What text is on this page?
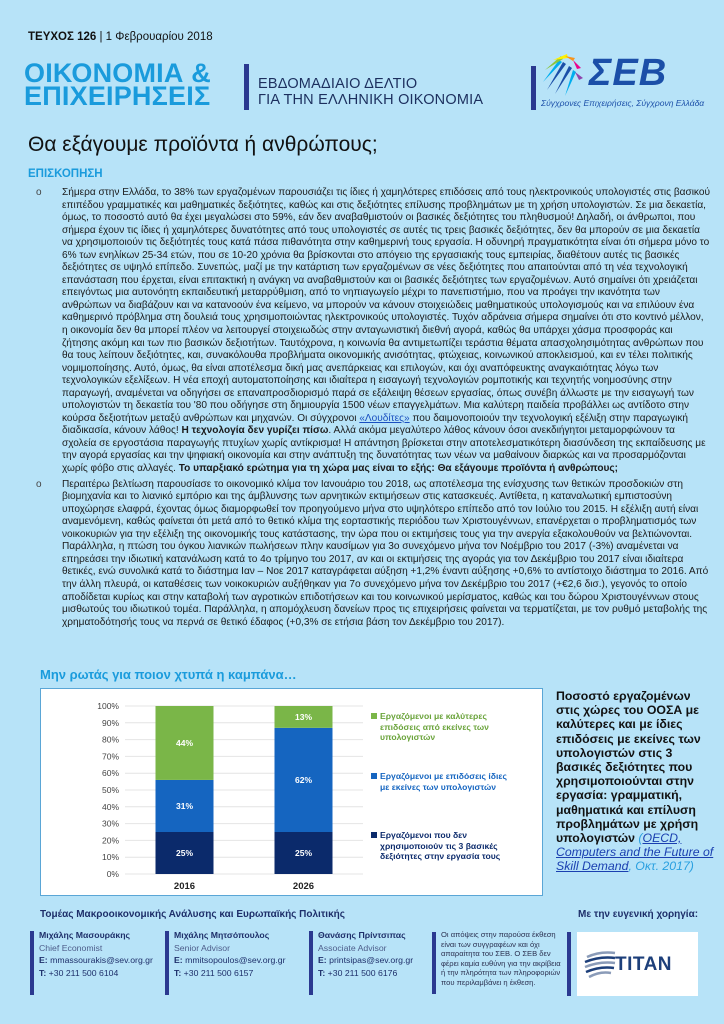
ΤΕΥΧΟΣ 126 | 1 Φεβρουαρίου 2018
ΟΙΚΟΝΟΜΙΑ &
ΕΠΙΧΕΙΡΗΣΕΙΣ	ΕΒΔΟΜΑΔΙΑΙΟ ΔΕΛΤΙΟ
ΓΙΑ ΤΗΝ ΕΛΛΗΝΙΚΗ ΟΙΚΟΝΟΜΙΑ
ΣΕΒ
Σύγχρονες Επιχειρήσεις, Σύγχρονη Ελλάδα
Θα εξάγουμε προϊόντα ή ανθρώπους;
ΕΠΙΣΚΟΠΗΣΗ
o Σήμερα στην Ελλάδα, το 38% των εργαζομένων παρουσιάζει τις ίδιες ή χαμηλότερες επιδόσεις από τους ηλεκτρονικούς υπολογιστές στις βασικού επιπέδου γραμματικές και μαθηματικές δεξιότητες, καθώς και στις δεξιότητες επίλυσης προβλημάτων με τη χρήση υπολογιστών. Σε μια δεκαετία, όμως, το ποσοστό αυτό θα έχει μεγαλώσει στο 59%, εάν δεν αναβαθμιστούν οι βασικές δεξιότητες του πληθυσμού! Δηλαδή, οι άνθρωποι, που σήμερα έχουν τις ίδιες ή χαμηλότερες δυνατότητες από τους υπολογιστές σε αυτές τις τρεις βασικές δεξιότητες, δεν θα μπορούν σε μια δεκαετία να χρησιμοποιούν τις δεξιότητές τους κατά πάσα πιθανότητα στην καθημερινή τους εργασία. Η οδυνηρή πραγματικότητα είναι ότι σήμερα μόνο το 6% των ενηλίκων 25-34 ετών, που σε 10-20 χρόνια θα βρίσκονται στο απόγειο της εργασιακής τους εμπειρίας, διαθέτουν αυτές τις βασικές δεξιότητες σε υψηλό επίπεδο. Συνεπώς, μαζί με την κατάρτιση των εργαζομένων σε νέες δεξιότητες που απαιτούνται από τη νέα τεχνολογική επανάσταση που έρχεται, είναι επιτακτική η ανάγκη να αναβαθμιστούν και οι βασικές δεξιότητες των εργαζομένων. Αυτό σημαίνει ότι χρειάζεται επειγόντως μια αυτονόητη εκπαιδευτική μεταρρύθμιση, από το νηπιαγωγείο μέχρι το πανεπιστήμιο, που να προάγει την ικανότητα των ανθρώπων να διαβάζουν και να κατανοούν ένα κείμενο, να μπορούν να κάνουν στοιχειώδεις μαθηματικούς υπολογισμούς και να επιλύουν ένα καθημερινό πρόβλημα στη δουλειά τους χρησιμοποιώντας ηλεκτρονικούς υπολογιστές. Τυχόν αδράνεια σήμερα σημαίνει ότι στο κοντινό μέλλον, η οικονομία δεν θα μπορεί πλέον να λειτουργεί στοιχειωδώς στην ανταγωνιστική διεθνή αγορά, καθώς θα υπάρχει χάσμα προσφοράς και ζήτησης ακόμη και των πιο βασικών δεξιοτήτων. Ταυτόχρονα, η κοινωνία θα αντιμετωπίζει τεράστια θέματα απασχολησιμότητας ανθρώπων που θα τους λείπουν δεξιότητες, και, συνακόλουθα προβλήματα οικονομικής ανισότητας, φτώχειας, κοινωνικού αποκλεισμού, και εν τέλει πολιτικής νομιμοποίησης. Αυτό, όμως, θα είναι αποτέλεσμα δική μας ανεπάρκειας και επιλογών, και όχι αναπόφευκτης αναγκαιότητας λόγω των τεχνολογικών εξελίξεων. Η νέα εποχή αυτοματοποίησης και ιδιαίτερα η εισαγωγή τεχνολογιών ρομποτικής και τεχνητής νοημοσύνης στην παραγωγή, αναμένεται να οδηγήσει σε επαναπροσδιορισμό παρά σε εξάλειψη θέσεων εργασίας, όπως συνέβη άλλωστε με την εισαγωγή των υπολογιστών τη δεκαετία του '80 που οδήγησε στη δημιουργία 1500 νέων επαγγελμάτων. Μια καλύτερη παιδεία προβάλλει ως αντίδοτο στην κούρσα δεξιοτήτων μεταξύ ανθρώπων και μηχανών. Οι σύγχρονοι «Λουδίτες» που δαιμονοποιούν την τεχνολογική εξέλιξη στην παραγωγική διαδικασία, κάνουν λάθος! Η τεχνολογία δεν γυρίζει πίσω. Αλλά ακόμα μεγαλύτερο λάθος κάνουν όσοι ανεκδιήγητοι μεταμορφώνουν τα σχολεία σε εργοστάσια παραγωγής πτυχίων χωρίς αντίκρισμα! Η απάντηση βρίσκεται στην αποτελεσματικότερη διασύνδεση της εκπαίδευσης με την αγορά εργασίας και την ψηφιακή οικονομία και στην ανάπτυξη της δυνατότητας των νέων να μαθαίνουν διαρκώς και να προσαρμόζονται χωρίς φόβο στις αλλαγές. Το υπαρξιακό ερώτημα για τη χώρα μας είναι το εξής: Θα εξάγουμε προϊόντα ή ανθρώπους;
o Περαιτέρω βελτίωση παρουσίασε το οικονομικό κλίμα τον Ιανουάριο του 2018, ως αποτέλεσμα της ενίσχυσης των θετικών προσδοκιών στη βιομηχανία και το λιανικό εμπόριο και της άμβλυνσης των αρνητικών εκτιμήσεων στις κατασκευές. Αντίθετα, η καταναλωτική εμπιστοσύνη υποχώρησε ελαφρά, έχοντας όμως διαμορφωθεί τον προηγούμενο μήνα στο υψηλότερο επίπεδο από τον Ιούλιο του 2015. Η εξέλιξη αυτή είναι αναμενόμενη, καθώς φαίνεται ότι μετά από το θετικό κλίμα της εορταστικής περιόδου των Χριστουγέννων, επανέρχεται ο προβληματισμός των νοικοκυριών για την εξέλιξη της οικονομικής τους κατάστασης, την ώρα που οι εκτιμήσεις τους για την ανεργία εξακολουθούν να βελτιώνονται. Παράλληλα, η πτώση του όγκου λιανικών πωλήσεων πλην καυσίμων για 3ο συνεχόμενο μήνα τον Νοέμβριο του 2017 (-3%) αναμένεται να επηρεάσει την ιδιωτική κατανάλωση κατά το 4ο τρίμηνο του 2017, αν και οι εκτιμήσεις της αγοράς για τον Δεκέμβριο του 2017 είναι ιδιαίτερα θετικές, ενώ συνολικά κατά το διάστημα Ιαν – Νοε 2017 καταγράφεται αύξηση +1,2% έναντι αύξησης +0,6% το αντίστοιχο διάστημα το 2016. Από την άλλη πλευρά, οι καταθέσεις των νοικοκυριών αυξήθηκαν για 7ο συνεχόμενο μήνα τον Δεκέμβριο του 2017 (+€2,6 δισ.), γεγονός το οποίο αποδίδεται κυρίως και στην καταβολή των αγροτικών επιδοτήσεων και του κοινωνικού μερίσματος, καθώς και του δώρου Χριστουγέννων στους μισθωτούς του ιδιωτικού τομέα. Παράλληλα, η απομόχλευση δανείων προς τις επιχειρήσεις φαίνεται να τερματίζεται, με τον ρυθμό μεταβολής της χρηματοδότησής τους να περνά σε θετικό έδαφος (+0,3% σε ετήσια βάση τον Δεκέμβριο του 2017).
Μην ρωτάς για ποιον χτυπά η καμπάνα…
0%
10%
20%
30%
40%
50%
60%
70%
80%
90%
100%
25%
31%
44%
2016
25%
62%
13%
2026
Εργαζόμενοι με καλύτερες επιδόσεις από εκείνες των υπολογιστών
Εργαζόμενοι με επιδόσεις ίδιες με εκείνες των υπολογιστών
Εργαζόμενοι που δεν χρησιμοποιούν τις 3 βασικές δεξιότητες στην εργασία τους
Ποσοστό εργαζομένων στις χώρες του ΟΟΣΑ με καλύτερες και με ίδιες επιδόσεις με εκείνες των υπολογιστών στις 3 βασικές δεξιότητες που χρησιμοποιούνται στην εργασία: γραμματική, μαθηματικά και επίλυση προβλημάτων με χρήση υπολογιστών (OECD, Computers and the Future of Skill Demand, Οκτ. 2017)
Τομέας Μακροοικονομικής Ανάλυσης και Ευρωπαϊκής Πολιτικής	Με την ευγενική χορηγία:
Μιχάλης Μασουράκης
Chief Economist
E: mmassourakis@sev.org.gr
T: +30 211 500 6104
Μιχάλης Μητσόπουλος
Senior Advisor
E: mmitsopoulos@sev.org.gr
T: +30 211 500 6157
Θανάσης Πρίντσιπας
Associate Advisor
E: printsipas@sev.org.gr
T: +30 211 500 6176
Οι απόψεις στην παρούσα έκθεση είναι των συγγραφέων και όχι απαραίτητα του ΣΕΒ. Ο ΣΕΒ δεν φέρει καμία ευθύνη για την ακρίβεια ή την πληρότητα των πληροφοριών που περιλαμβάνει η έκθεση.
TITAN
